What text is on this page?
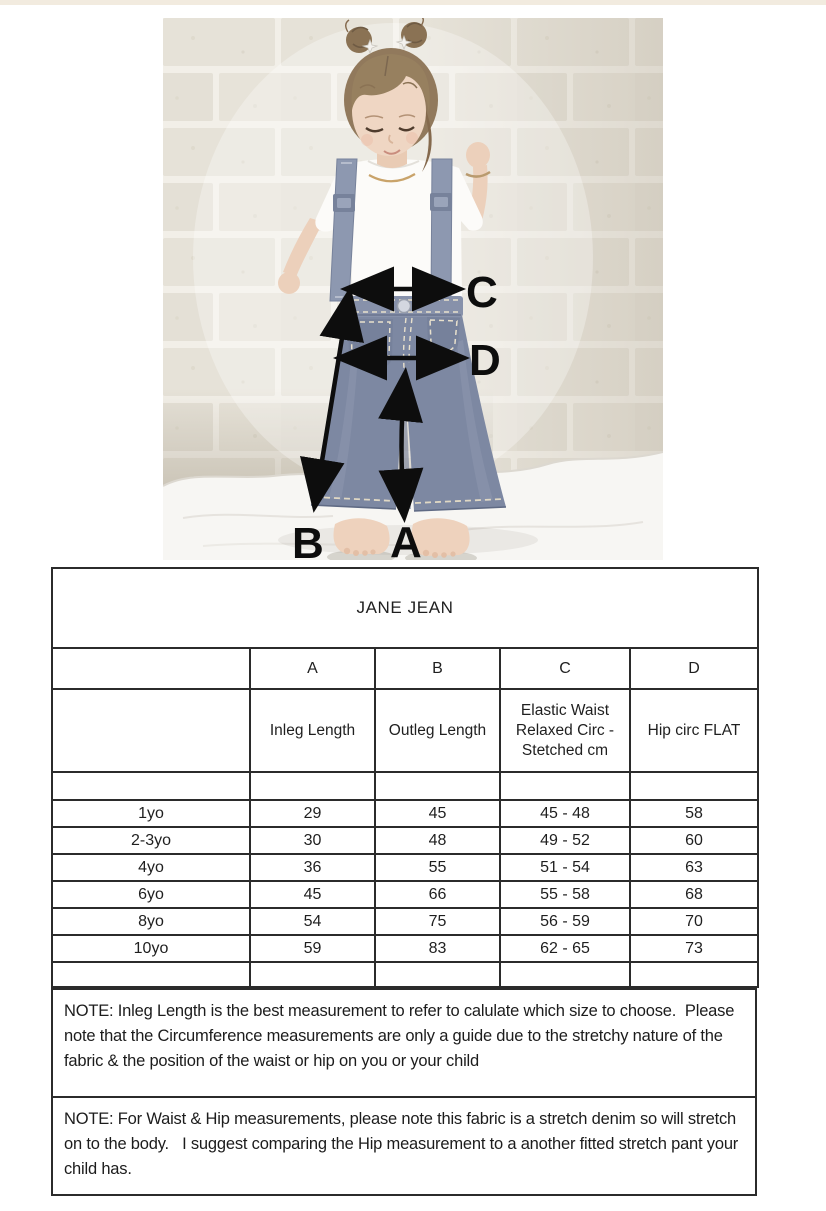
C
D
B A
JANE JEAN				
	A	B	C	D
	Inleg Length	Outleg Length	Elastic Waist Relaxed Circ - Stetched cm	Hip circ FLAT

1yo	29	45	45 - 48	58
2-3yo	30	48	49 - 52	60
4yo	36	55	51 - 54	63
6yo	45	66	55 - 58	68
8yo	54	75	56 - 59	70
10yo	59	83	62 - 65	73

NOTE: Inleg Length is the best measurement to refer to calulate which size to choose.  Please note that the Circumference measurements are only a guide due to the stretchy nature of the fabric & the position of the waist or hip on you or your child
NOTE: For Waist & Hip measurements, please note this fabric is a stretch denim so will stretch on to the body.   I suggest comparing the Hip measurement to a another fitted stretch pant your child has.
